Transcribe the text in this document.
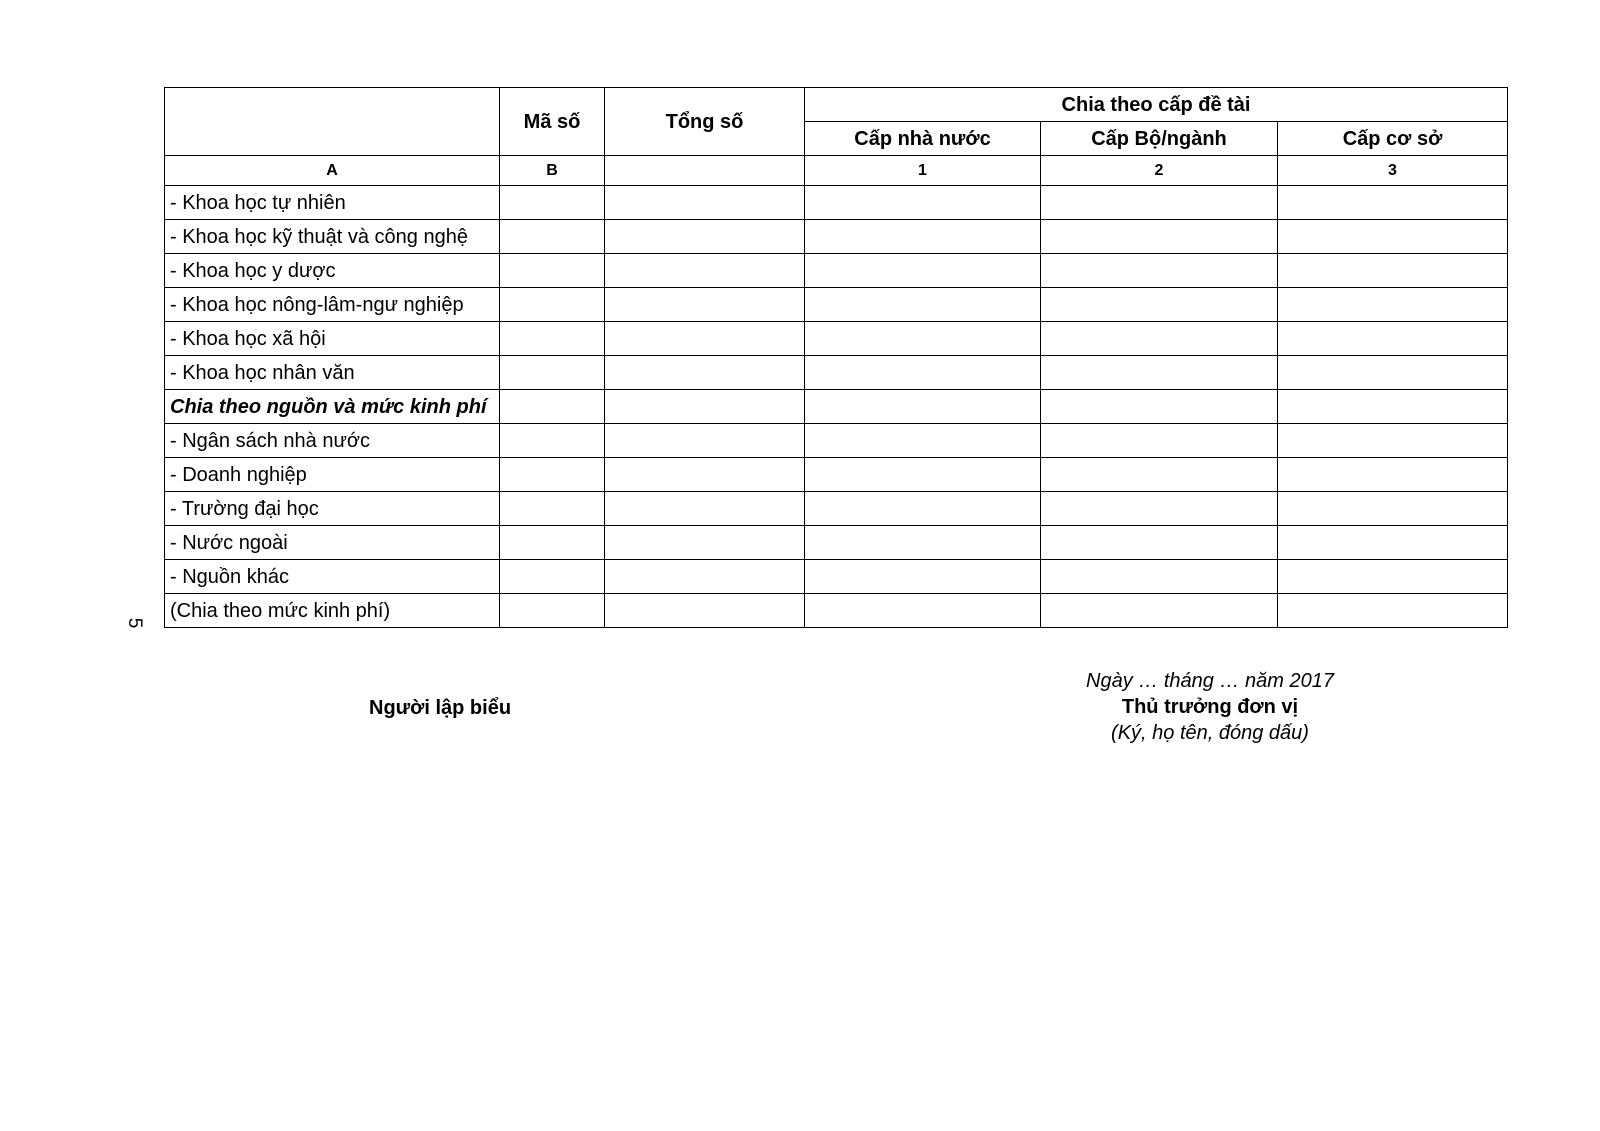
5
	Mã số	Tổng số	Chia theo cấp đề tài		
			Cấp nhà nước	Cấp Bộ/ngành	Cấp cơ sở
A	B		1	2	3
- Khoa học tự nhiên					
- Khoa học kỹ thuật và công nghệ					
- Khoa học y dược					
- Khoa học nông-lâm-ngư nghiệp					
- Khoa học xã hội					
- Khoa học nhân văn					
Chia theo nguồn và mức kinh phí					
- Ngân sách nhà nước					
- Doanh nghiệp					
- Trường đại học					
- Nước ngoài					
- Nguồn khác					
(Chia theo mức kinh phí)					
Người lập biểu
Ngày … tháng … năm 2017
Thủ trưởng đơn vị
(Ký, họ tên, đóng dấu)
